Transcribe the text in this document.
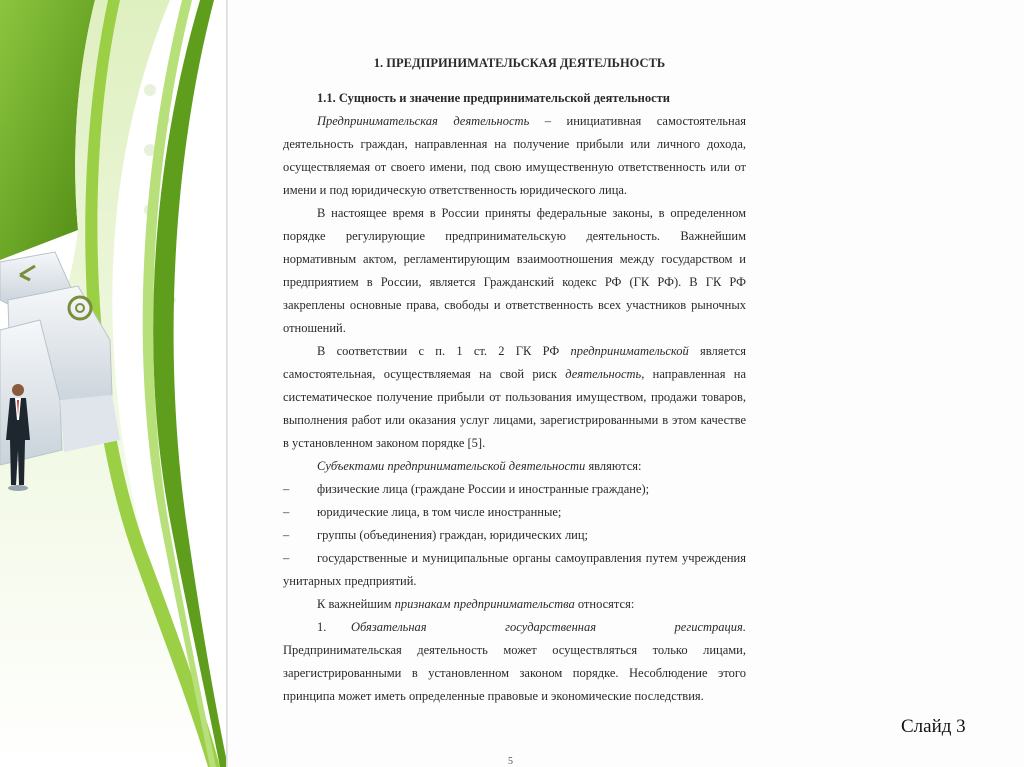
1. ПРЕДПРИНИМАТЕЛЬСКАЯ ДЕЯТЕЛЬНОСТЬ

1.1. Сущность и значение предпринимательской деятельности

Предпринимательская деятельность – инициативная самостоятельная деятельность граждан, направленная на получение прибыли или личного дохода, осуществляемая от своего имени, под свою имущественную ответственность или от имени и под юридическую ответственность юридического лица.

В настоящее время в России приняты федеральные законы, в определенном порядке регулирующие предпринимательскую деятельность. Важнейшим нормативным актом, регламентирующим взаимоотношения между государством и предприятием в России, является Гражданский кодекс РФ (ГК РФ). В ГК РФ закреплены основные права, свободы и ответственность всех участников рыночных отношений.

В соответствии с п. 1 ст. 2 ГК РФ предпринимательской является самостоятельная, осуществляемая на свой риск деятельность, направленная на систематическое получение прибыли от пользования имуществом, продажи товаров, выполнения работ или оказания услуг лицами, зарегистрированными в этом качестве в установленном законом порядке [5].

Субъектами предпринимательской деятельности являются:

–	физические лица (граждане России и иностранные граждане);
–	юридические лица, в том числе иностранные;
–	группы (объединения) граждан, юридических лиц;

– государственные и муниципальные органы самоуправления путем учреждения унитарных предприятий.

К важнейшим признакам предпринимательства относятся:

1.	Обязательная	государственная	регистрация.

Предпринимательская деятельность может осуществляться только лицами, зарегистрированными в установленном законом порядке. Несоблюдение этого принципа может иметь определенные правовые и экономические последствия.

5
Слайд 3
